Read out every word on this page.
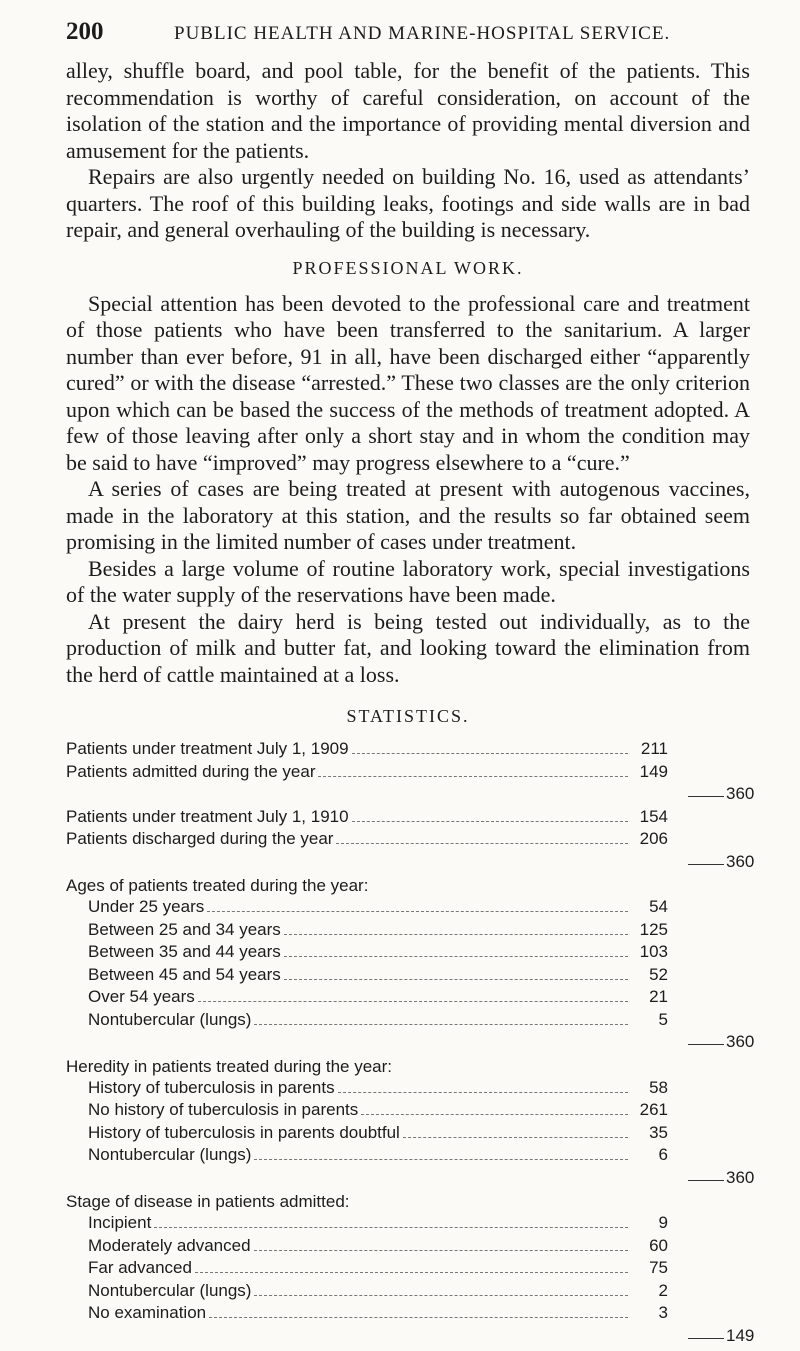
200	PUBLIC HEALTH AND MARINE-HOSPITAL SERVICE.

alley, shuffle board, and pool table, for the benefit of the patients. This recommendation is worthy of careful consideration, on account of the isolation of the station and the importance of providing mental diversion and amusement for the patients.

Repairs are also urgently needed on building No. 16, used as attendants’ quarters. The roof of this building leaks, footings and side walls are in bad repair, and general overhauling of the building is necessary.

PROFESSIONAL WORK.

Special attention has been devoted to the professional care and treatment of those patients who have been transferred to the sanitarium. A larger number than ever before, 91 in all, have been discharged either “apparently cured” or with the disease “arrested.” These two classes are the only criterion upon which can be based the success of the methods of treatment adopted. A few of those leaving after only a short stay and in whom the condition may be said to have “improved” may progress elsewhere to a “cure.”

A series of cases are being treated at present with autogenous vaccines, made in the laboratory at this station, and the results so far obtained seem promising in the limited number of cases under treatment.

Besides a large volume of routine laboratory work, special investigations of the water supply of the reservations have been made.

At present the dairy herd is being tested out individually, as to the production of milk and butter fat, and looking toward the elimination from the herd of cattle maintained at a loss.

STATISTICS.
Patients under treatment July 1, 1909	211
Patients admitted during the year	149
360
Patients under treatment July 1, 1910	154
Patients discharged during the year	206
360
Ages of patients treated during the year:
Under 25 years	54
Between 25 and 34 years	125
Between 35 and 44 years	103
Between 45 and 54 years	52
Over 54 years	21
Nontubercular (lungs)	5
360
Heredity in patients treated during the year:
History of tuberculosis in parents	58
No history of tuberculosis in parents	261
History of tuberculosis in parents doubtful	35
Nontubercular (lungs)	6
360
Stage of disease in patients admitted:
Incipient	9
Moderately advanced	60
Far advanced	75
Nontubercular (lungs)	2
No examination	3
149
